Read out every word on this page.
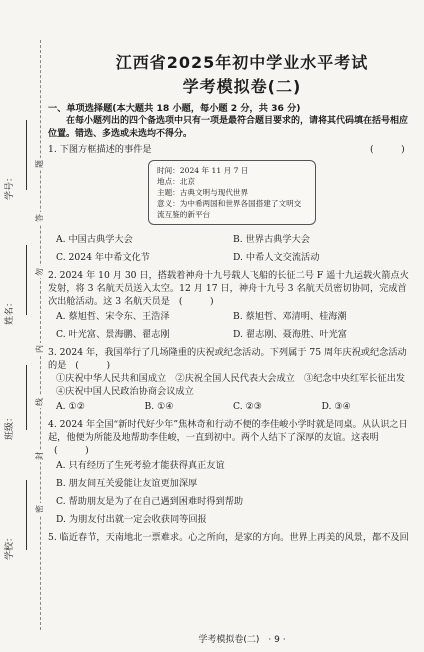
学号：
姓名：
班级：
学校：
题
答
勿
内
线
封
密
江西省2025年初中学业水平考试
学考模拟卷(二)
一、单项选择题(本大题共 18 小题，每小题 2 分，共 36 分)
在每小题列出的四个备选项中只有一项是最符合题目要求的，请将其代码填在括号相应位置。错选、多选或未选均不得分。
(　　　)
1. 下图方框描述的事件是
时间：2024 年 11 月 7 日
地点：北京
主题：古典文明与现代世界
意义：为中希两国和世界各国搭建了文明交流互鉴的新平台
A. 中国古典学大会	B. 世界古典学大会
C. 2024 年中希文化节	D. 中希人文交流活动
2. 2024 年 10 月 30 日，搭载着神舟十九号载人飞船的长征二号 F 遥十九运载火箭点火发射，将 3 名航天员送入太空。12 月 17 日，神舟十九号 3 名航天员密切协同，完成首次出舱活动。这 3 名航天员是 (　　　)
A. 蔡旭哲、宋令东、王浩泽	B. 蔡旭哲、邓清明、桂海潮
C. 叶光富、景海鹏、翟志刚	D. 翟志刚、聂海胜、叶光富
3. 2024 年，我国举行了几场隆重的庆祝或纪念活动。下列属于 75 周年庆祝或纪念活动的是 (　　　)
①庆祝中华人民共和国成立　②庆祝全国人民代表大会成立　③纪念中央红军长征出发　④庆祝中国人民政治协商会议成立
A. ①②	B. ①④	C. ②③	D. ③④
4. 2024 年全国“新时代好少年”焦林奇和行动不便的李佳峻小学时就是同桌。从认识之日起，他便为所能及地帮助李佳峻，一直到初中。两个人结下了深厚的友谊。这表明 (　　　)
A. 只有经历了生死考验才能获得真正友谊
B. 朋友间互关爱能让友谊更加深厚
C. 帮助朋友是为了在自己遇到困难时得到帮助
D. 为朋友付出就一定会收获同等回报
5. 临近春节，天南地北一票难求。心之所向，是家的方向。世界上再美的风景，都不及回
学考模拟卷(二)　· 9 ·
